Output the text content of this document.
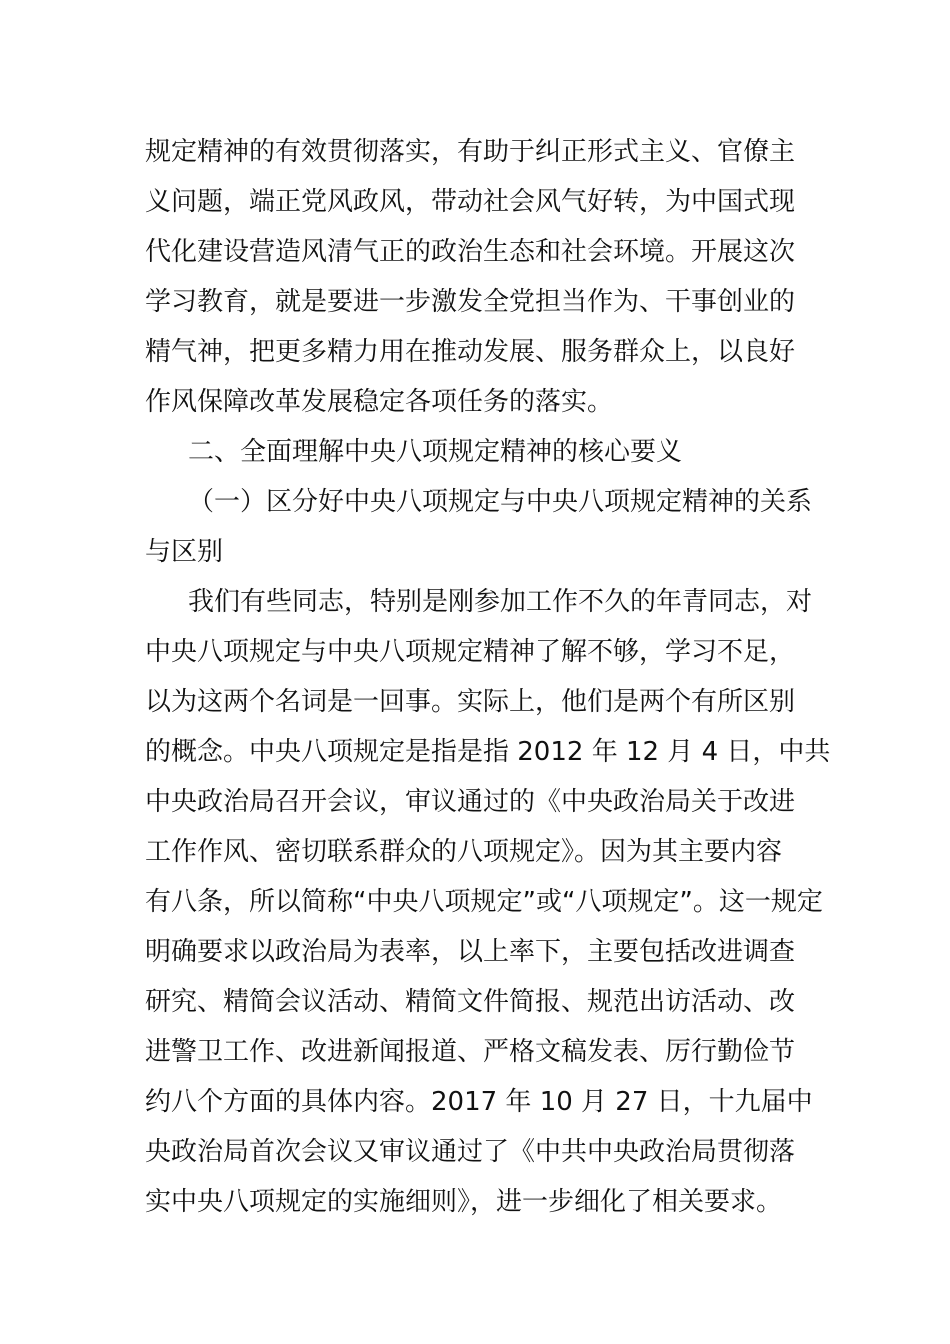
规定精神的有效贯彻落实，有助于纠正形式主义、官僚主
义问题，端正党风政风，带动社会风气好转，为中国式现
代化建设营造风清气正的政治生态和社会环境。开展这次
学习教育，就是要进一步激发全党担当作为、干事创业的
精气神，把更多精力用在推动发展、服务群众上，以良好
作风保障改革发展稳定各项任务的落实。
二、全面理解中央八项规定精神的核心要义
（一）区分好中央八项规定与中央八项规定精神的关系
与区别
我们有些同志，特别是刚参加工作不久的年青同志，对
中央八项规定与中央八项规定精神了解不够，学习不足，
以为这两个名词是一回事。实际上，他们是两个有所区别
的概念。中央八项规定是指是指 2012 年 12 月 4 日，中共
中央政治局召开会议，审议通过的《中央政治局关于改进
工作作风、密切联系群众的八项规定》。因为其主要内容
有八条，所以简称“中央八项规定”或“八项规定”。这一规定
明确要求以政治局为表率，以上率下，主要包括改进调查
研究、精简会议活动、精简文件简报、规范出访活动、改
进警卫工作、改进新闻报道、严格文稿发表、厉行勤俭节
约八个方面的具体内容。2017 年 10 月 27 日，十九届中
央政治局首次会议又审议通过了《中共中央政治局贯彻落
实中央八项规定的实施细则》，进一步细化了相关要求。
